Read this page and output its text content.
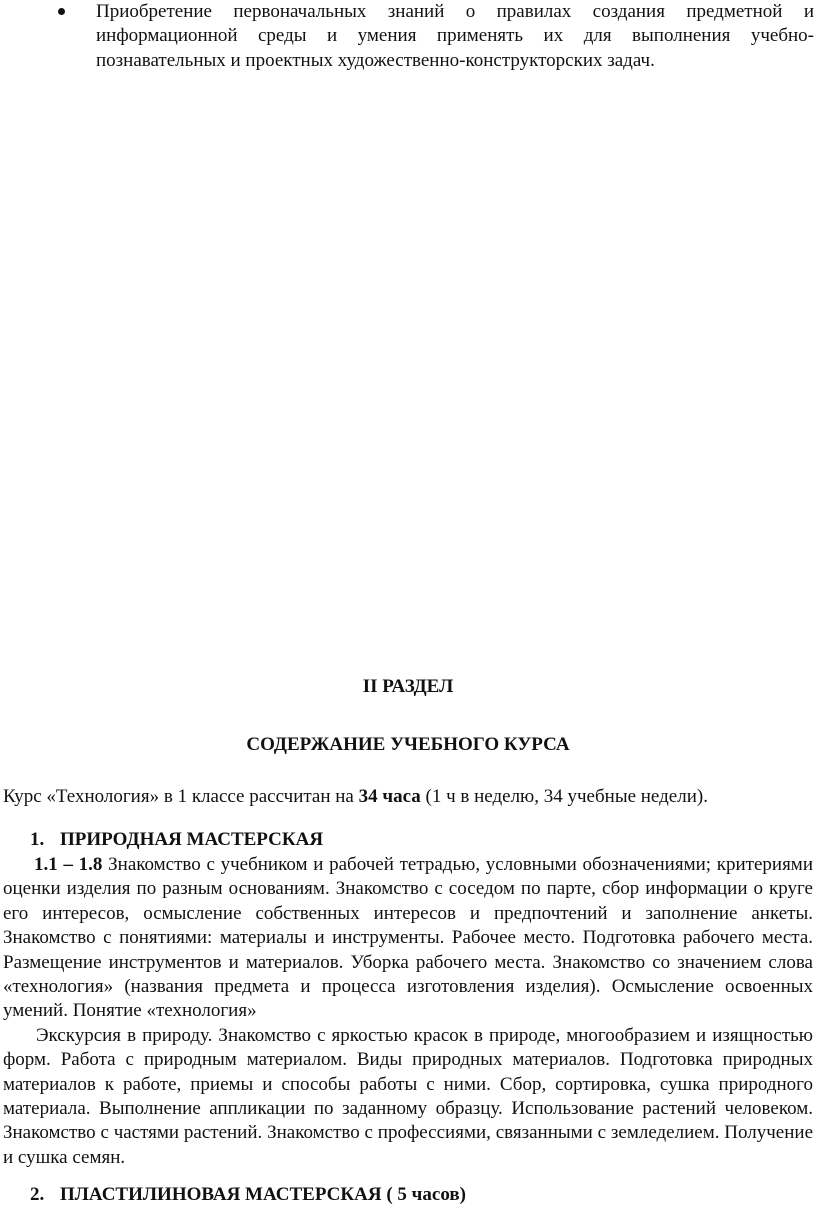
Приобретение первоначальных знаний о правилах создания предметной и информационной среды и умения применять их для выполнения учебно-познавательных и проектных художественно-конструкторских задач.

II РАЗДЕЛ
СОДЕРЖАНИЕ УЧЕБНОГО КУРСА
Курс «Технология» в 1 классе рассчитан на 34 часа (1 ч в неделю, 34 учебные недели).
1. ПРИРОДНАЯ МАСТЕРСКАЯ

1.1 – 1.8 Знакомство с учебником и рабочей тетрадью, условными обозначениями; критериями оценки изделия по разным основаниям. Знакомство с соседом по парте, сбор информации о круге его интересов, осмысление собственных интересов и предпочтений и заполнение анкеты. Знакомство с понятиями: материалы и инструменты. Рабочее место. Подготовка рабочего места. Размещение инструментов и материалов. Уборка рабочего места. Знакомство со значением слова «технология» (названия предмета и процесса изготовления изделия). Осмысление освоенных умений. Понятие «технология»

Экскурсия в природу. Знакомство с яркостью красок в природе, многообразием и изящностью форм. Работа с природным материалом. Виды природных материалов. Подготовка природных материалов к работе, приемы и способы работы с ними. Сбор, сортировка, сушка природного материала. Выполнение аппликации по заданному образцу. Использование растений человеком. Знакомство с частями растений. Знакомство с профессиями, связанными с земледелием. Получение и сушка семян.

2. ПЛАСТИЛИНОВАЯ МАСТЕРСКАЯ ( 5 часов)
